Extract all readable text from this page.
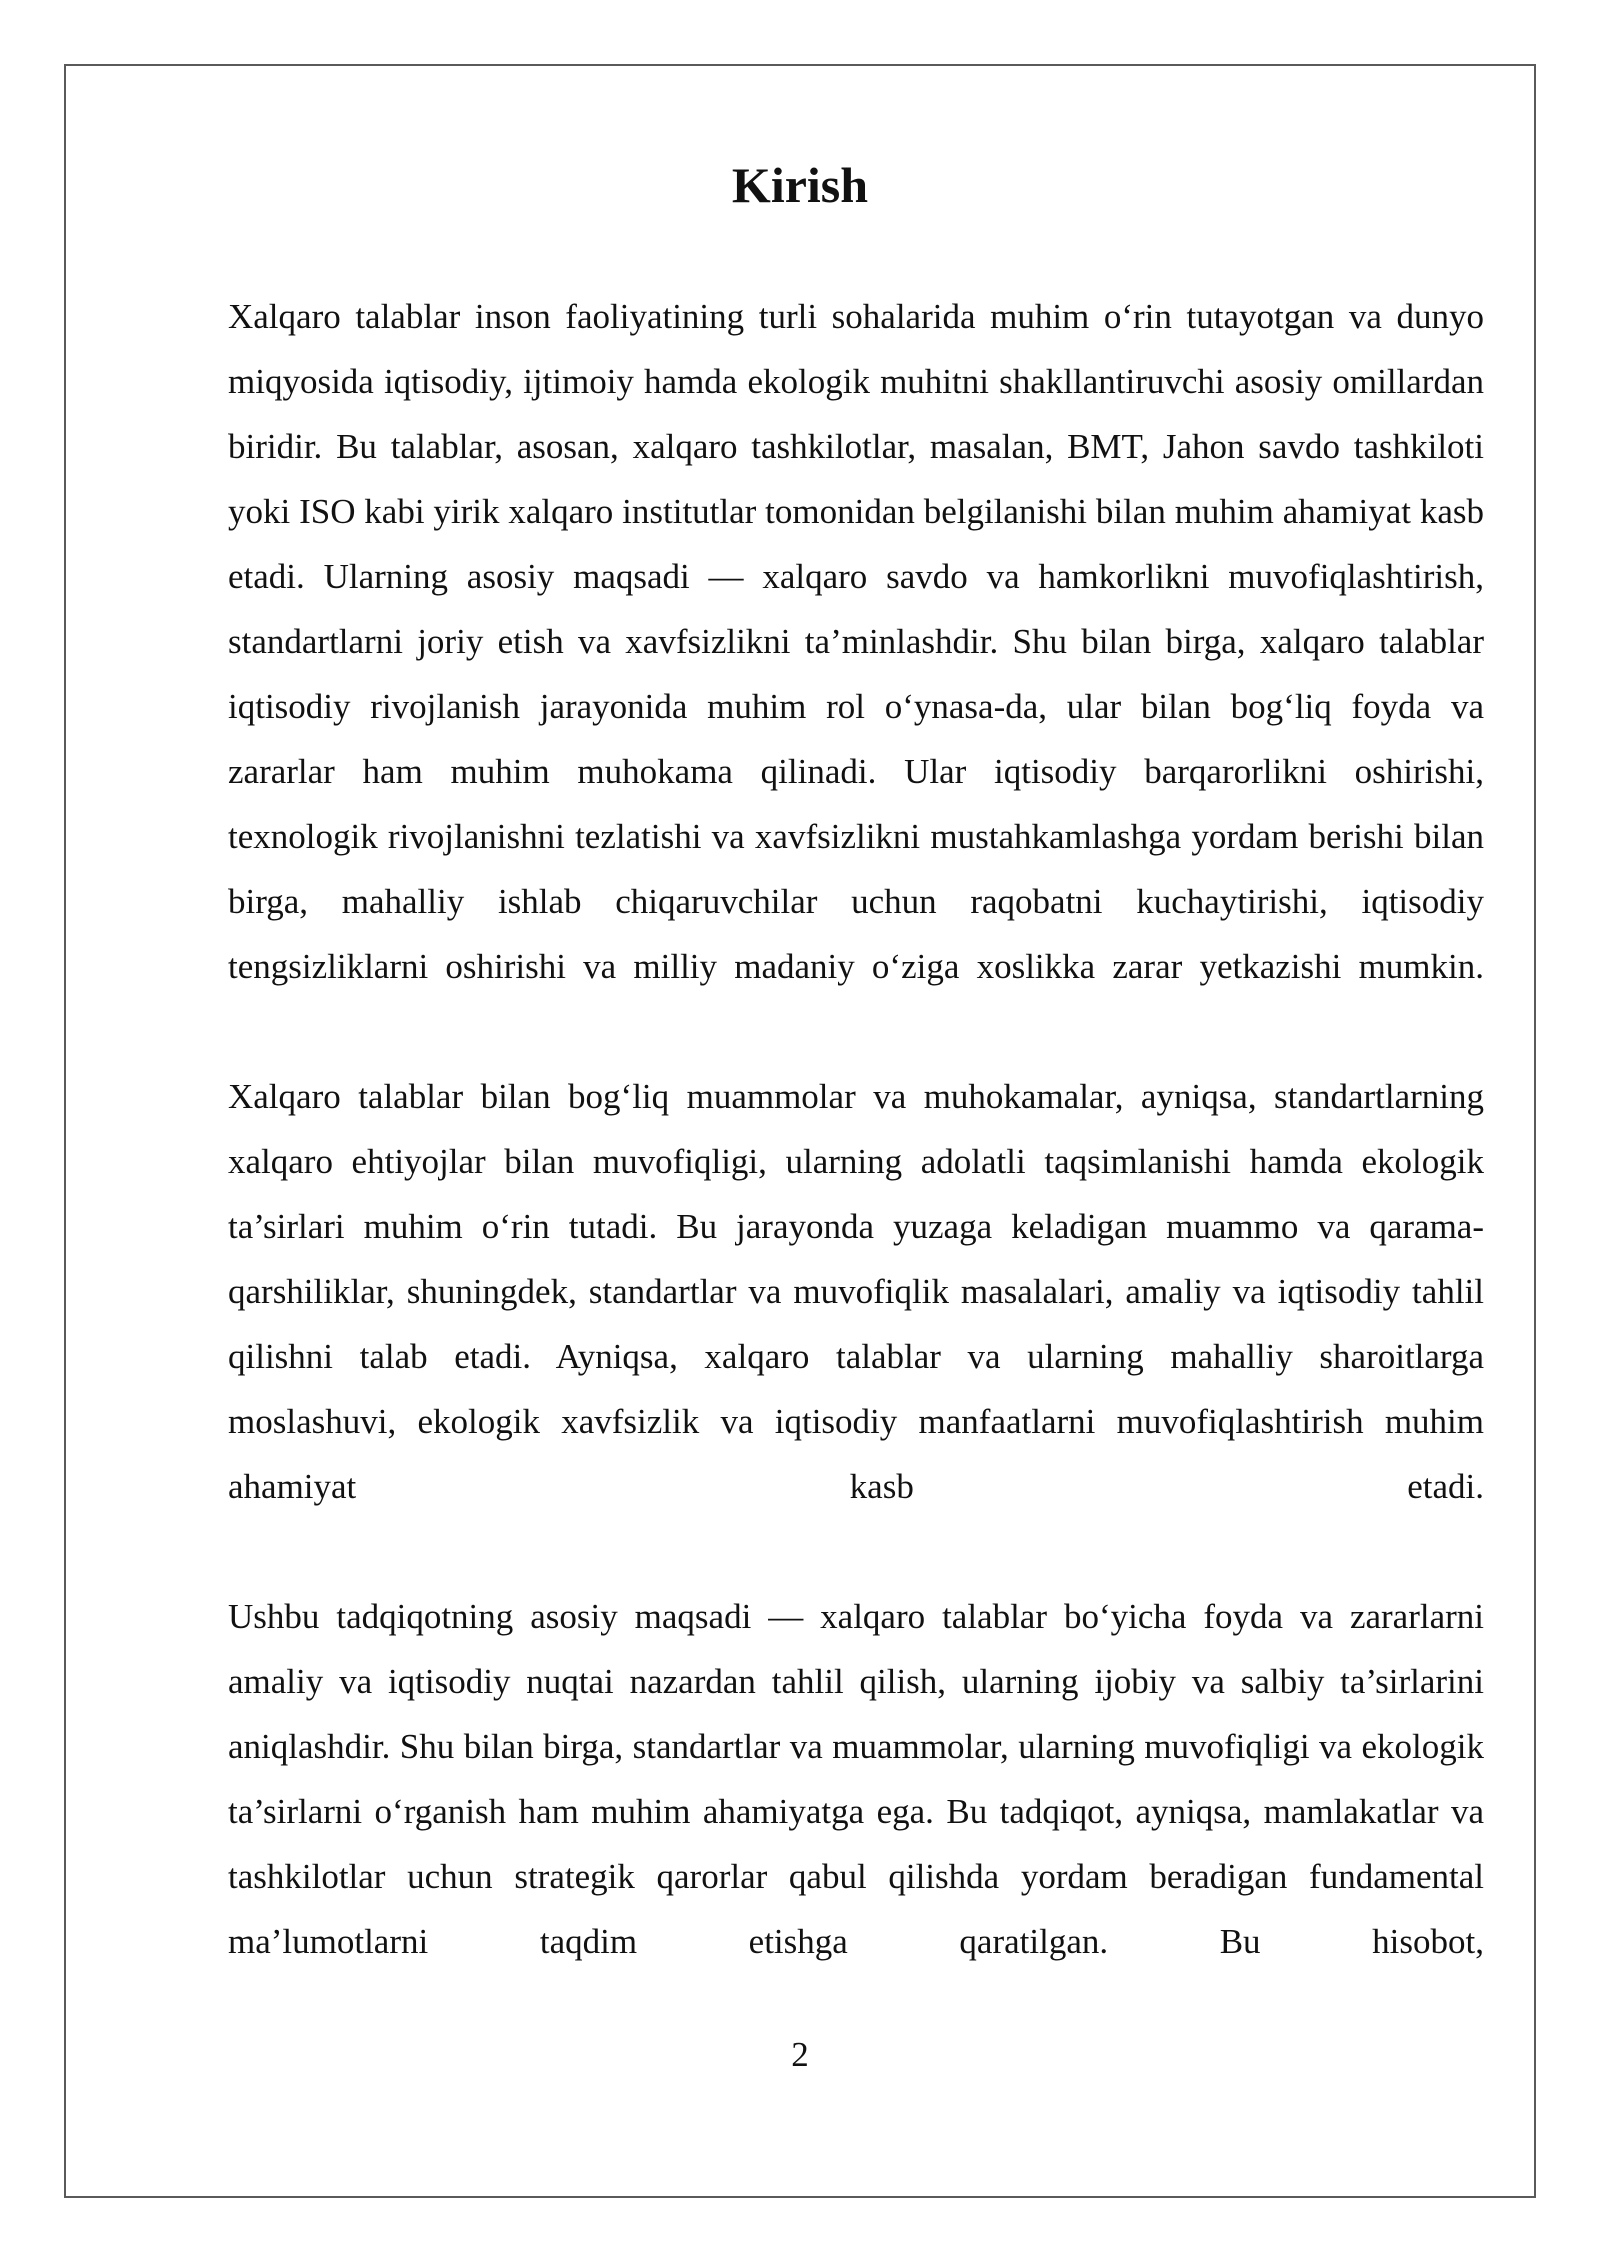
Kirish

Xalqaro talablar inson faoliyatining turli sohalarida muhim o‘rin tutayotgan va dunyo miqyosida iqtisodiy, ijtimoiy hamda ekologik muhitni shakllantiruvchi asosiy omillardan biridir. Bu talablar, asosan, xalqaro tashkilotlar, masalan, BMT, Jahon savdo tashkiloti yoki ISO kabi yirik xalqaro institutlar tomonidan belgilanishi bilan muhim ahamiyat kasb etadi. Ularning asosiy maqsadi — xalqaro savdo va hamkorlikni muvofiqlashtirish, standartlarni joriy etish va xavfsizlikni ta’minlashdir. Shu bilan birga, xalqaro talablar iqtisodiy rivojlanish jarayonida muhim rol o‘ynasa-da, ular bilan bog‘liq foyda va zararlar ham muhim muhokama qilinadi. Ular iqtisodiy barqarorlikni oshirishi, texnologik rivojlanishni tezlatishi va xavfsizlikni mustahkamlashga yordam berishi bilan birga, mahalliy ishlab chiqaruvchilar uchun raqobatni kuchaytirishi, iqtisodiy tengsizliklarni oshirishi va milliy madaniy o‘ziga xoslikka zarar yetkazishi mumkin.

Xalqaro talablar bilan bog‘liq muammolar va muhokamalar, ayniqsa, standartlarning xalqaro ehtiyojlar bilan muvofiqligi, ularning adolatli taqsimlanishi hamda ekologik ta’sirlari muhim o‘rin tutadi. Bu jarayonda yuzaga keladigan muammo va qarama-qarshiliklar, shuningdek, standartlar va muvofiqlik masalalari, amaliy va iqtisodiy tahlil qilishni talab etadi. Ayniqsa, xalqaro talablar va ularning mahalliy sharoitlarga moslashuvi, ekologik xavfsizlik va iqtisodiy manfaatlarni muvofiqlashtirish muhim ahamiyat kasb etadi.

Ushbu tadqiqotning asosiy maqsadi — xalqaro talablar bo‘yicha foyda va zararlarni amaliy va iqtisodiy nuqtai nazardan tahlil qilish, ularning ijobiy va salbiy ta’sirlarini aniqlashdir. Shu bilan birga, standartlar va muammolar, ularning muvofiqligi va ekologik ta’sirlarni o‘rganish ham muhim ahamiyatga ega. Bu tadqiqot, ayniqsa, mamlakatlar va tashkilotlar uchun strategik qarorlar qabul qilishda yordam beradigan fundamental ma’lumotlarni taqdim etishga qaratilgan. Bu hisobot,

2
